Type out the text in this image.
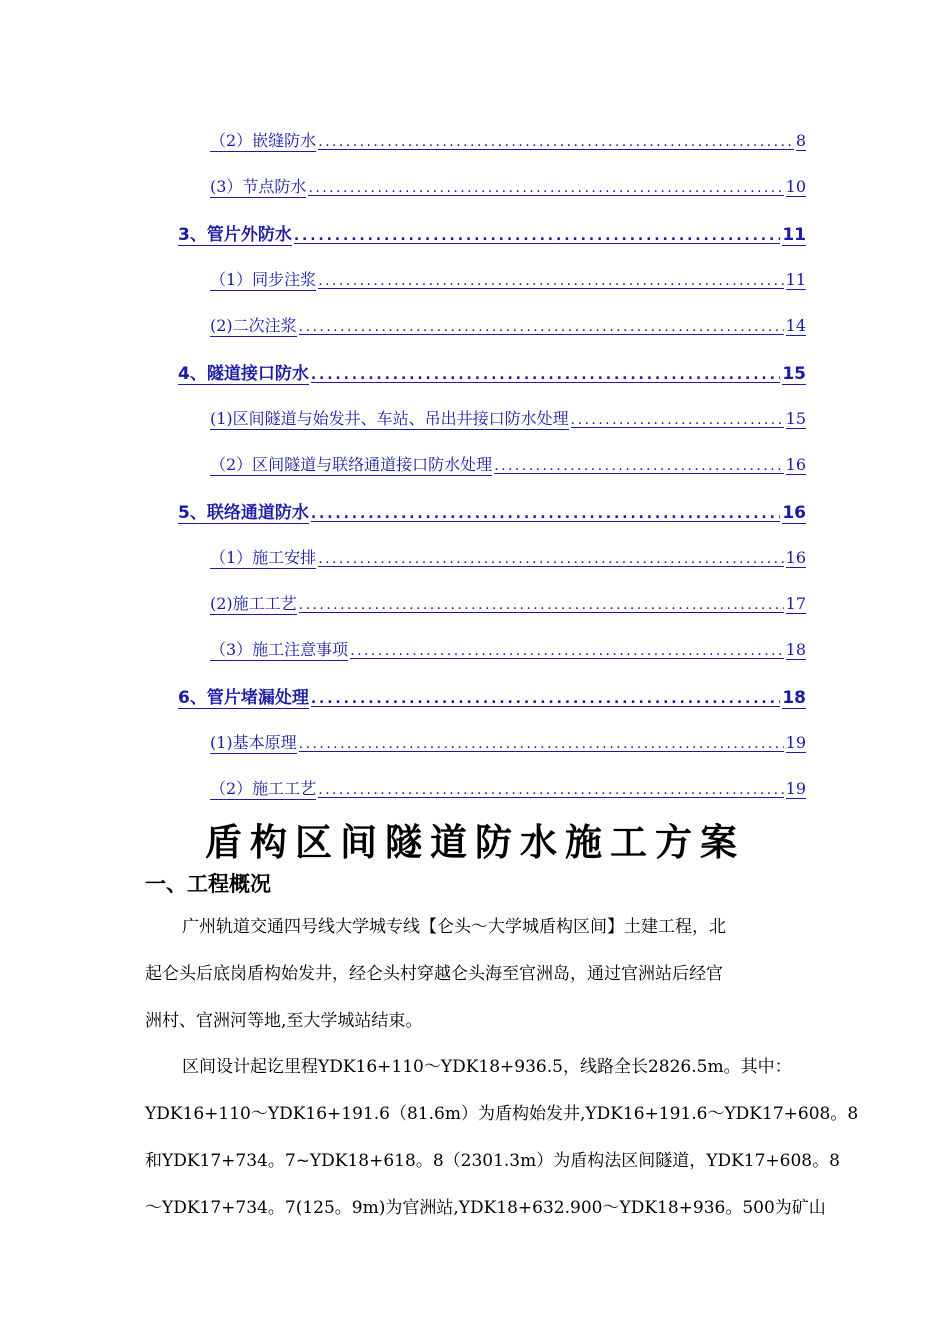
（2）嵌缝防水 . . .	8
(3）节点防水 . . .	10
3、管片外防水 . . .	11
（1）同步注浆 . . .	11
(2)二次注浆 . . .	14
4、隧道接口防水 . . .	15
(1)区间隧道与始发井、车站、吊出井接口防水处理 . . .	15
（2）区间隧道与联络通道接口防水处理 . . .	16
5、联络通道防水 . . .	16
（1）施工安排 . . .	16
(2)施工工艺 . . .	17
（3）施工注意事项 . . .	18
6、管片堵漏处理 . . .	18
(1)基本原理 . . .	19
（2）施工工艺 . . .	19
盾构区间隧道防水施工方案
一、工程概况
广州轨道交通四号线大学城专线【仑头～大学城盾构区间】土建工程，北
起仑头后底岗盾构始发井，经仑头村穿越仑头海至官洲岛，通过官洲站后经官
洲村、官洲河等地,至大学城站结束。
区间设计起讫里程YDK16+110～YDK18+936.5，线路全长2826.5m。其中：
YDK16+110～YDK16+191.6（81.6m）为盾构始发井,YDK16+191.6～YDK17+608。8
和YDK17+734。7~YDK18+618。8（2301.3m）为盾构法区间隧道，YDK17+608。8
～YDK17+734。7(125。9m)为官洲站,YDK18+632.900～YDK18+936。500为矿山
